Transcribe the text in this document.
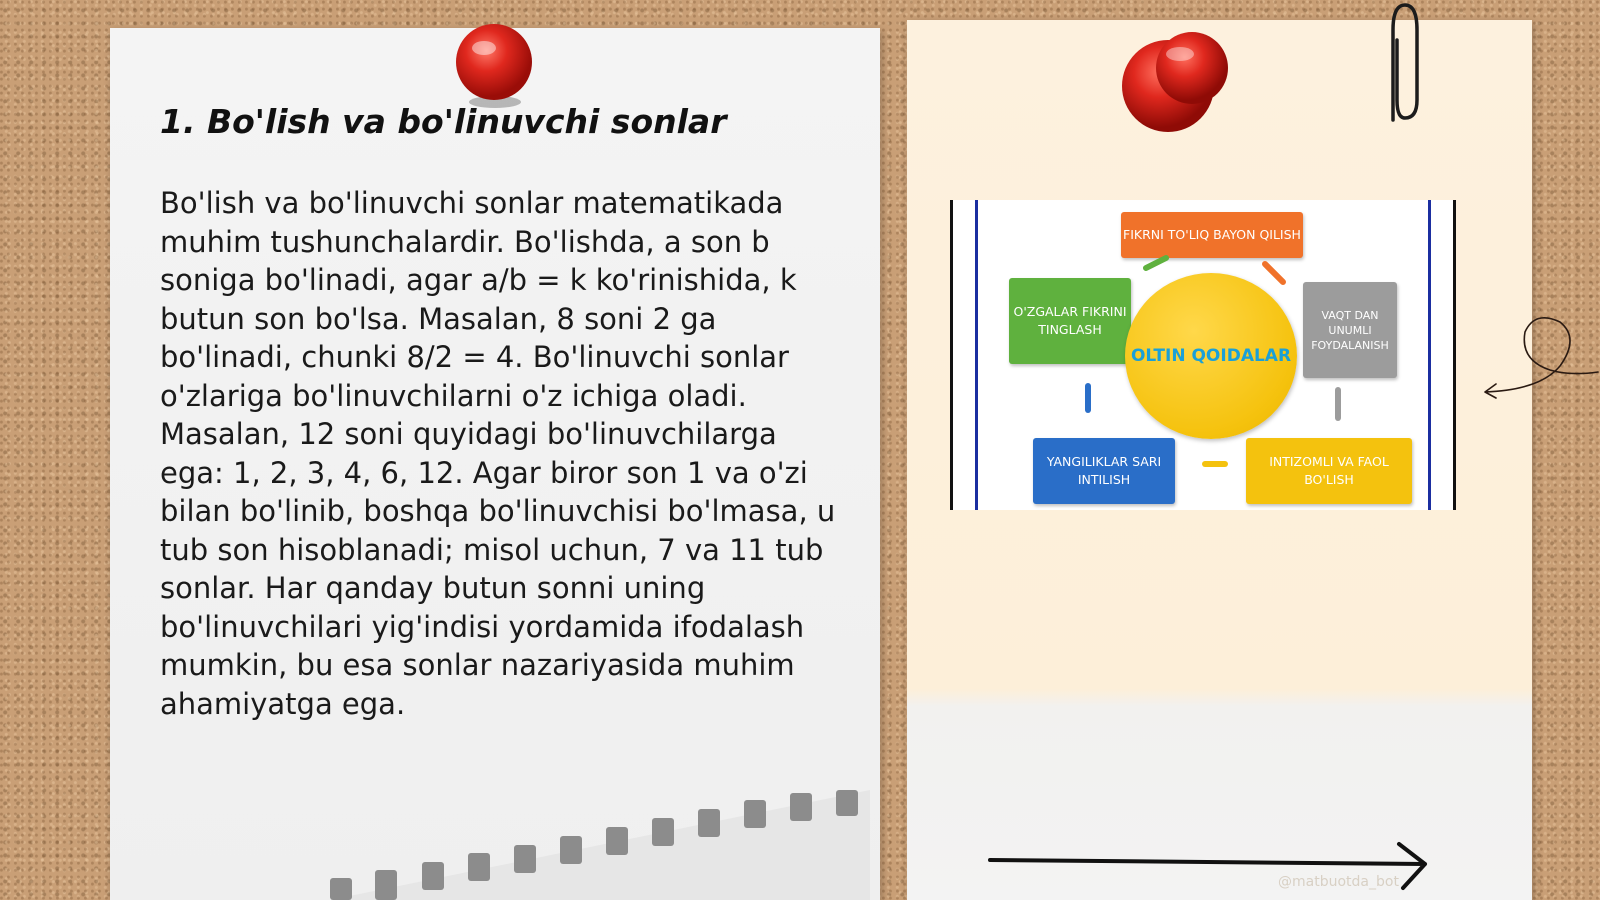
1. Bo'lish va bo'linuvchi sonlar

Bo'lish va bo'linuvchi sonlar matematikada muhim tushunchalardir. Bo'lishda, a son b soniga bo'linadi, agar a/b = k ko'rinishida, k butun son bo'lsa. Masalan, 8 soni 2 ga bo'linadi, chunki 8/2 = 4. Bo'linuvchi sonlar o'zlariga bo'linuvchilarni o'z ichiga oladi. Masalan, 12 soni quyidagi bo'linuvchilarga ega: 1, 2, 3, 4, 6, 12. Agar biror son 1 va o'zi bilan bo'linib, boshqa bo'linuvchisi bo'lmasa, u tub son hisoblanadi; misol uchun, 7 va 11 tub sonlar. Har qanday butun sonni uning bo'linuvchilari yig'indisi yordamida ifodalash mumkin, bu esa sonlar nazariyasida muhim ahamiyatga ega.

FIKRNI TO'LIQ BAYON QILISH
O'ZGALAR FIKRINI TINGLASH
VAQT DAN UNUMLI FOYDALANISH
YANGILIKLAR SARI INTILISH
INTIZOMLI VA FAOL BO'LISH
OLTIN QOIDALAR
@matbuotda_bot
